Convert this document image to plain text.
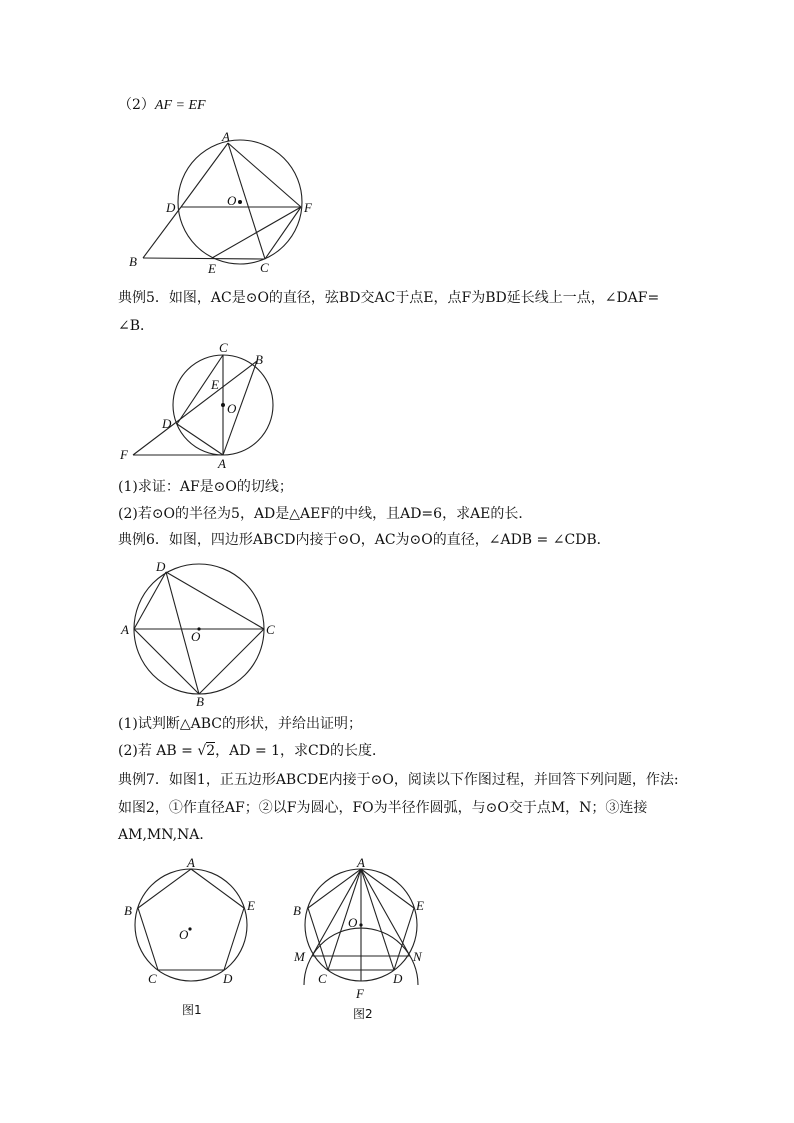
（2）AF = EF
A
O
D	F
B	E	C
典例5．如图，AC是⊙O的直径，弦BD交AC于点E，点F为BD延长线上一点，∠DAF=
∠B．
C
B
E
O
D
F
A
(1)求证：AF是⊙O的切线；
(2)若⊙O的半径为5，AD是△AEF的中线，且AD=6，求AE的长．
典例6．如图，四边形ABCD内接于⊙O，AC为⊙O的直径，∠ADB = ∠CDB．
D
A	O	C
B
(1)试判断△ABC的形状，并给出证明；
(2)若 AB = √2，AD = 1，求CD的长度．
典例7．如图1，正五边形ABCDE内接于⊙O，阅读以下作图过程，并回答下列问题，作法:
如图2，①作直径AF；②以F为圆心，FO为半径作圆弧，与⊙O交于点M，N；③连接
AM,MN,NA．
A
B	E
O
C	D
图1
A
B	E
O
M	N
C	D
F
图2
